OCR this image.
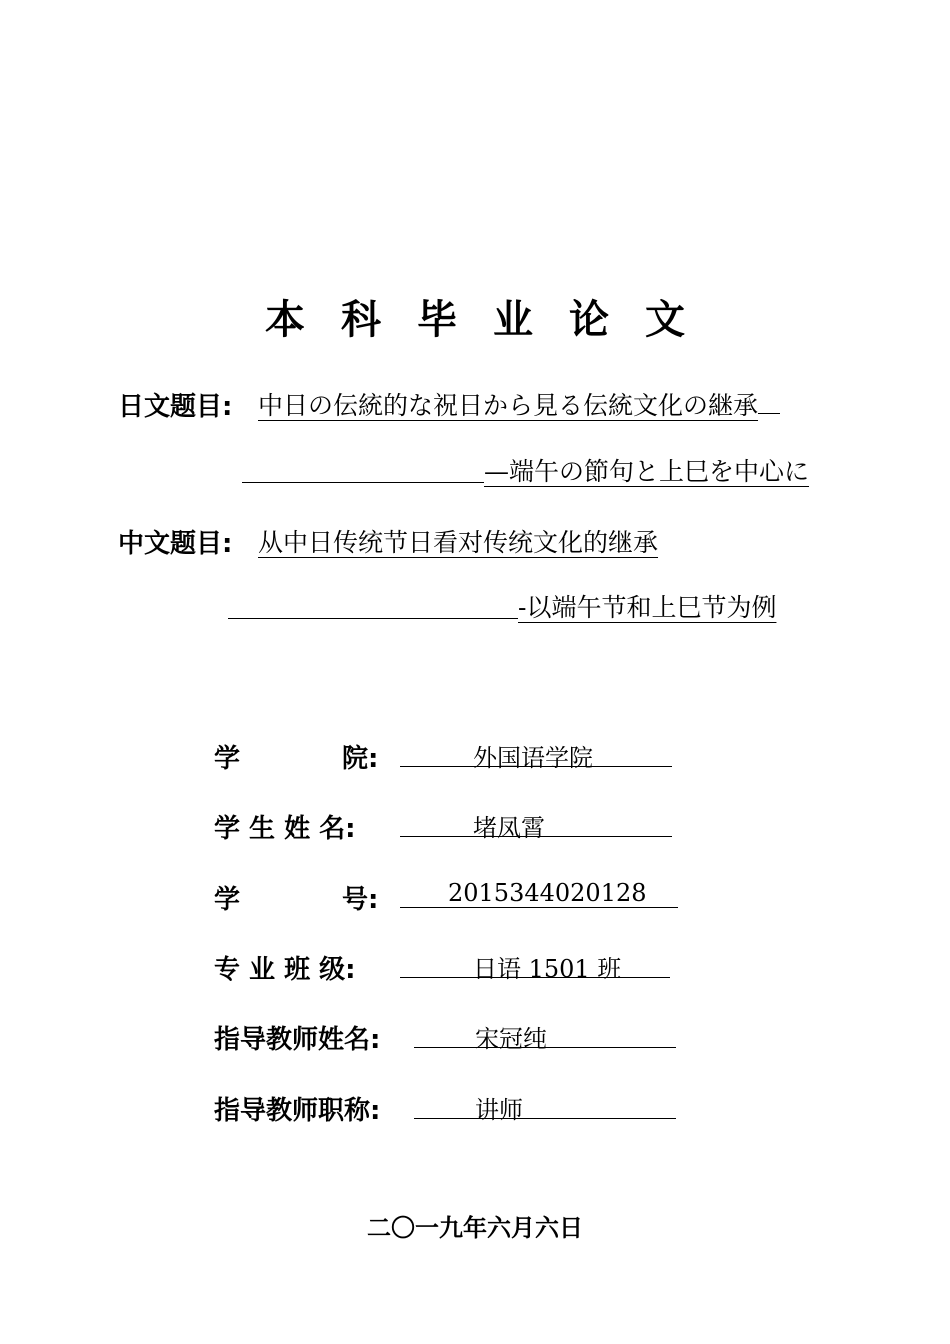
本科毕业论文
日文题目: 中日の伝統的な祝日から見る伝統文化の継承
—端午の節句と上巳を中心に
中文题目: 从中日传统节日看对传统文化的继承
-以端午节和上巳节为例
学	院:	外国语学院
学 生 姓 名:	堵凤霄
学	号:	2015344020128
专 业 班 级:	日语 1501 班
指导教师姓名:	宋冠纯
指导教师职称:	讲师
二〇一九年六月六日
